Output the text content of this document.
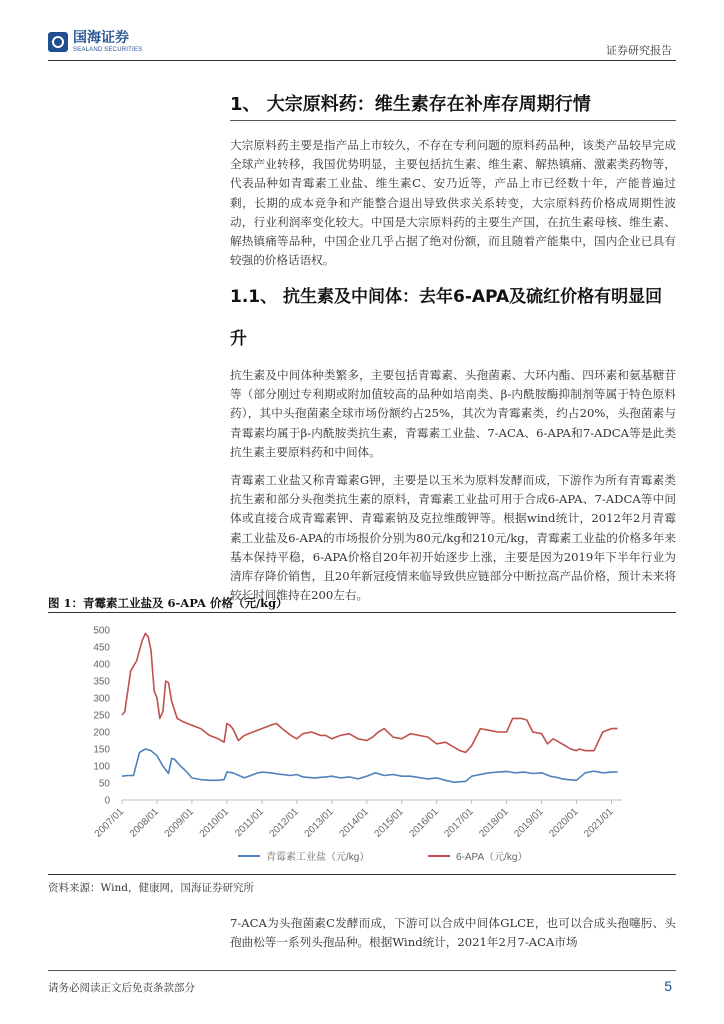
国海证券
SEALAND SECURITIES	证券研究报告
1、 大宗原料药：维生素存在补库存周期行情
大宗原料药主要是指产品上市较久，不存在专利问题的原料药品种，该类产品较早完成全球产业转移，我国优势明显，主要包括抗生素、维生素、解热镇痛、激素类药物等，代表品种如青霉素工业盐、维生素C、安乃近等，产品上市已经数十年，产能普遍过剩，长期的成本竞争和产能整合退出导致供求关系转变，大宗原料药价格成周期性波动，行业利润率变化较大。中国是大宗原料药的主要生产国，在抗生素母核、维生素、解热镇痛等品种，中国企业几乎占据了绝对份额，而且随着产能集中，国内企业已具有较强的价格话语权。
1.1、 抗生素及中间体：去年6-APA及硫红价格有明显回升
抗生素及中间体种类繁多，主要包括青霉素、头孢菌素、大环内酯、四环素和氨基糖苷等（部分刚过专利期或附加值较高的品种如培南类、β-内酰胺酶抑制剂等属于特色原料药），其中头孢菌素全球市场份额约占25%，其次为青霉素类，约占20%，头孢菌素与青霉素均属于β-内酰胺类抗生素，青霉素工业盐、7-ACA、6-APA和7-ADCA等是此类抗生素主要原料药和中间体。
青霉素工业盐又称青霉素G钾，主要是以玉米为原料发酵而成，下游作为所有青霉素类抗生素和部分头孢类抗生素的原料，青霉素工业盐可用于合成6-APA、7-ADCA等中间体或直接合成青霉素钾、青霉素钠及克拉维酸钾等。根据wind统计，2012年2月青霉素工业盐及6-APA的市场报价分别为80元/kg和210元/kg，青霉素工业盐的价格多年来基本保持平稳，6-APA价格自20年初开始逐步上涨，主要是因为2019年下半年行业为清库存降价销售，且20年新冠疫情来临导致供应链部分中断拉高产品价格，预计未来将较长时间维持在200左右。
图 1：青霉素工业盐及 6-APA 价格（元/kg）
0
50
100
150
200
250
300
350
400
450
500
2007/01 2008/01 2009/01 2010/01 2011/01 2012/01 2013/01 2014/01 2015/01 2016/01 2017/01 2018/01 2019/01 2020/01 2021/01
青霉素工业盐（元/kg）	6-APA（元/kg）
资料来源：Wind，健康网，国海证券研究所
7-ACA为头孢菌素C发酵而成，下游可以合成中间体GLCE，也可以合成头孢噻肟、头孢曲松等一系列头孢品种。根据Wind统计，2021年2月7-ACA市场
请务必阅读正文后免责条款部分	5
